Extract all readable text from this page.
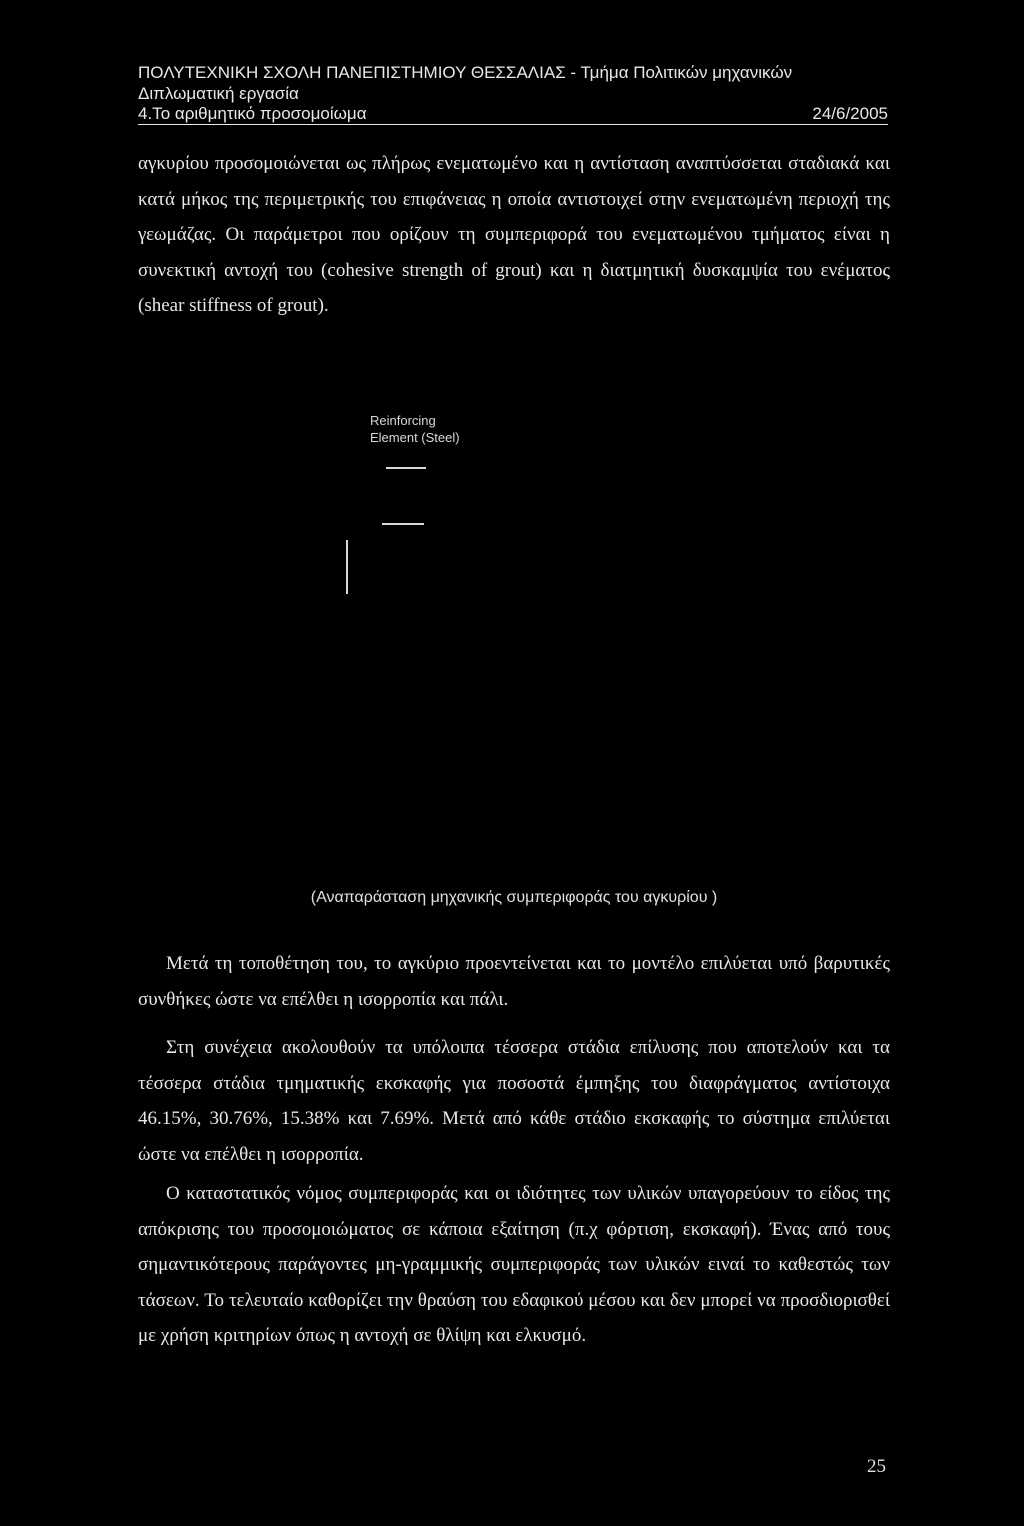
ΠΟΛΥΤΕΧΝΙΚΗ ΣΧΟΛΗ ΠΑΝΕΠΙΣΤΗΜΙΟΥ ΘΕΣΣΑΛΙΑΣ - Τμήμα Πολιτικών μηχανικών
Διπλωματική εργασία
4.Το αριθμητικό προσομοίωμα	24/6/2005

αγκυρίου προσομοιώνεται ως πλήρως ενεματωμένο και η αντίσταση αναπτύσσεται σταδιακά και κατά μήκος της περιμετρικής του επιφάνειας η οποία αντιστοιχεί στην ενεματωμένη περιοχή της γεωμάζας. Οι παράμετροι που ορίζουν τη συμπεριφορά του ενεματωμένου τμήματος είναι η συνεκτική αντοχή του (cohesive strength of grout) και η διατμητική δυσκαμψία του ενέματος (shear stiffness of grout).

Reinforcing
Element (Steel)
(Αναπαράσταση μηχανικής συμπεριφοράς του αγκυρίου )

Μετά τη τοποθέτηση του, το αγκύριο προεντείνεται και το μοντέλο επιλύεται υπό βαρυτικές συνθήκες ώστε να επέλθει η ισορροπία και πάλι.

Στη συνέχεια ακολουθούν τα υπόλοιπα τέσσερα στάδια επίλυσης που αποτελούν και τα τέσσερα στάδια τμηματικής εκσκαφής για ποσοστά έμπηξης του διαφράγματος αντίστοιχα 46.15%, 30.76%, 15.38% και 7.69%. Μετά από κάθε στάδιο εκσκαφής το σύστημα επιλύεται ώστε να επέλθει η ισορροπία.

Ο καταστατικός νόμος συμπεριφοράς και οι ιδιότητες των υλικών υπαγορεύουν το είδος της απόκρισης του προσομοιώματος σε κάποια εξαίτηση (π.χ φόρτιση, εκσκαφή). Ένας από τους σημαντικότερους παράγοντες μη-γραμμικής συμπεριφοράς των υλικών ειναί το καθεστώς των τάσεων. Το τελευταίο καθορίζει την θραύση του εδαφικού μέσου και δεν μπορεί να προσδιορισθεί με χρήση κριτηρίων όπως η αντοχή σε θλίψη και ελκυσμό.

25
